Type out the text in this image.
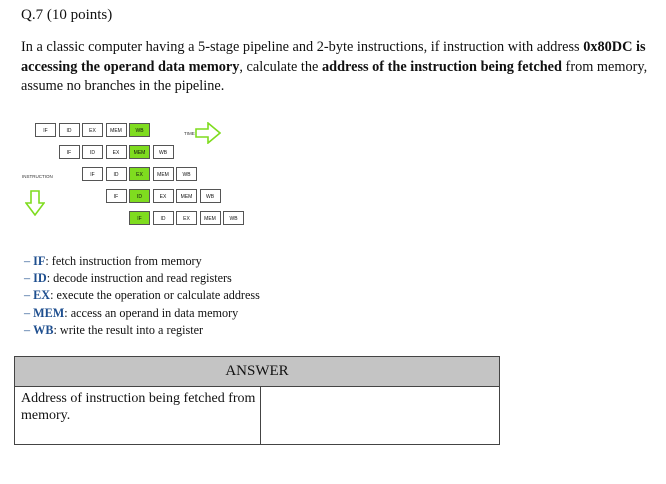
Q.7 (10 points)
In a classic computer having a 5-stage pipeline and 2-byte instructions, if instruction with address 0x80DC is accessing the operand data memory, calculate the address of the instruction being fetched from memory, assume no branches in the pipeline.
IF	ID	EX	MEM	WB
IF	ID	EX	MEM	WB
IF	ID	EX	MEM	WB
IF	ID	EX	MEM	WB
IF	ID	EX	MEM	WB
TIME
INSTRUCTION
– IF: fetch instruction from memory
– ID: decode instruction and read registers
– EX: execute the operation or calculate address
– MEM: access an operand in data memory
– WB: write the result into a register
ANSWER
Address of instruction being fetched from memory.	
